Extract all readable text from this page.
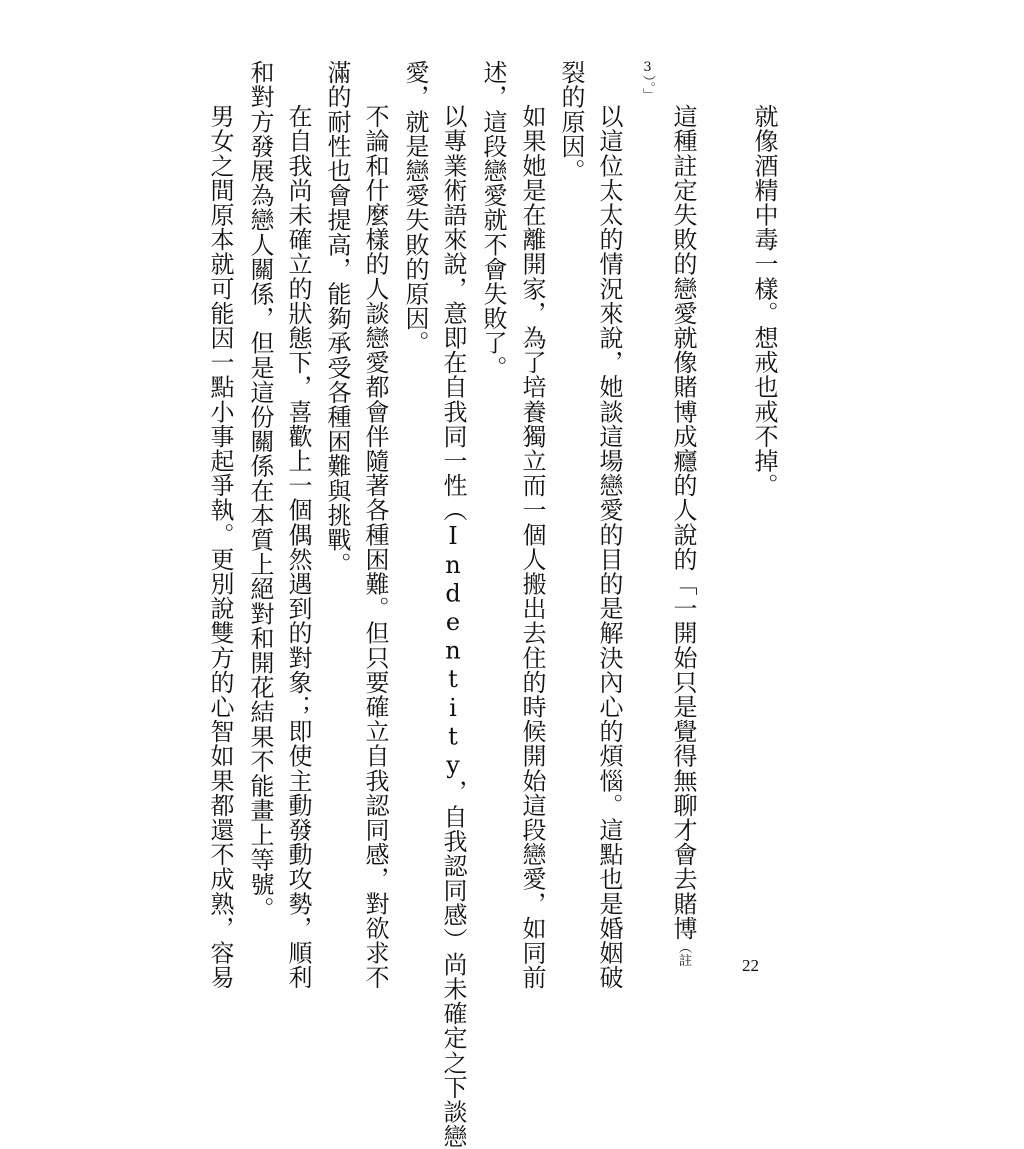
就像酒精中毒一樣。想戒也戒不掉。
這種註定失敗的戀愛就像賭博成癮的人說的「一開始只是覺得無聊才會去賭博（註
3）。」
以這位太太的情況來說，她談這場戀愛的目的是解決內心的煩惱。這點也是婚姻破
裂的原因。
如果她是在離開家，為了培養獨立而一個人搬出去住的時候開始這段戀愛，如同前
述，這段戀愛就不會失敗了。
以專業術語來說，意即在自我同一性（Indentity，自我認同感）尚未確定之下談戀
愛，就是戀愛失敗的原因。
不論和什麼樣的人談戀愛都會伴隨著各種困難。但只要確立自我認同感，對欲求不
滿的耐性也會提高，能夠承受各種困難與挑戰。
在自我尚未確立的狀態下，喜歡上一個偶然遇到的對象；即使主動發動攻勢，順利
和對方發展為戀人關係，但是這份關係在本質上絕對和開花結果不能畫上等號。
男女之間原本就可能因一點小事起爭執。更別說雙方的心智如果都還不成熟，容易	22
